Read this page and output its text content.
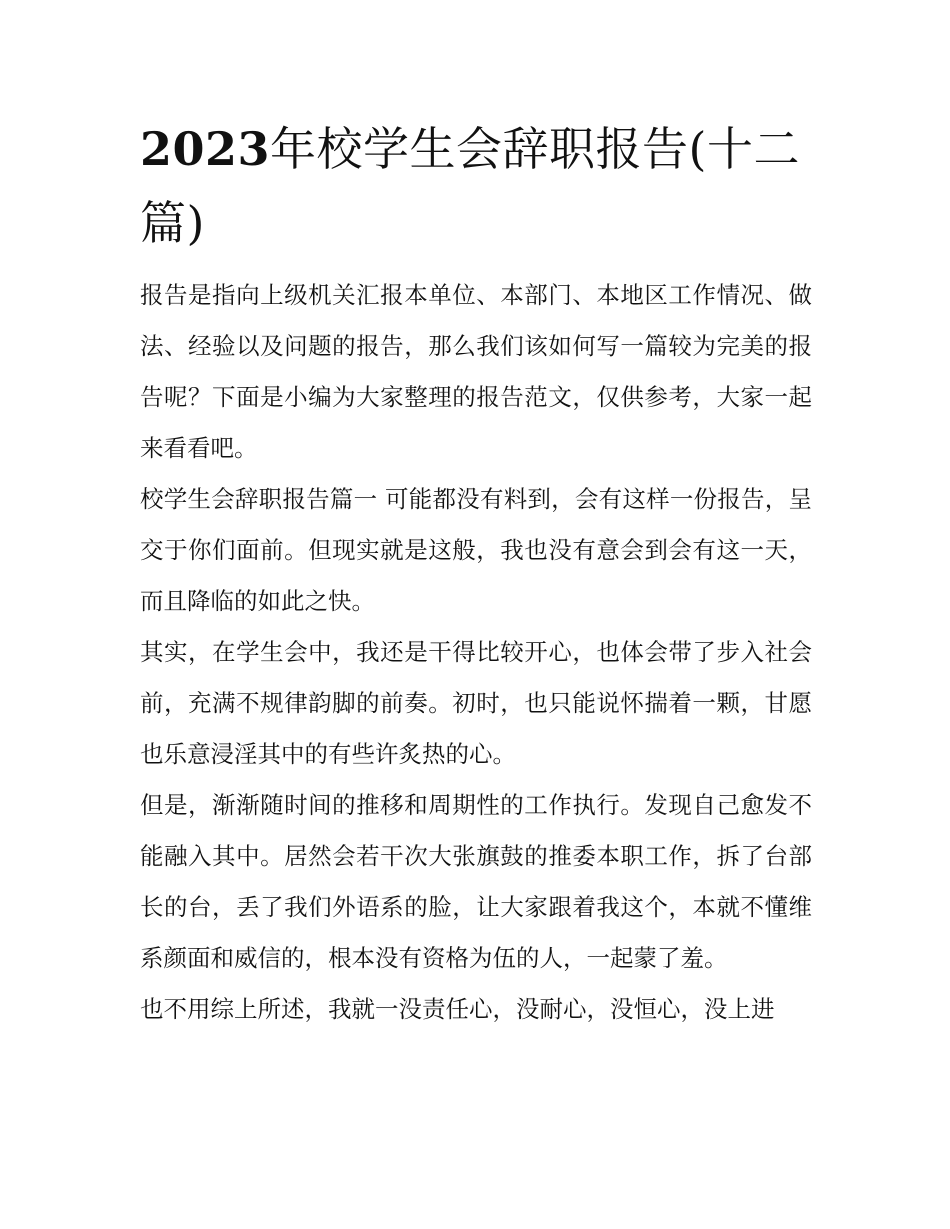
2023年校学生会辞职报告(十二篇)

报告是指向上级机关汇报本单位、本部门、本地区工作情况、做法、经验以及问题的报告，那么我们该如何写一篇较为完美的报告呢？下面是小编为大家整理的报告范文，仅供参考，大家一起来看看吧。

校学生会辞职报告篇一 可能都没有料到，会有这样一份报告，呈交于你们面前。但现实就是这般，我也没有意会到会有这一天，而且降临的如此之快。

其实，在学生会中，我还是干得比较开心，也体会带了步入社会前，充满不规律韵脚的前奏。初时，也只能说怀揣着一颗，甘愿也乐意浸淫其中的有些许炙热的心。

但是，渐渐随时间的推移和周期性的工作执行。发现自己愈发不能融入其中。居然会若干次大张旗鼓的推委本职工作，拆了台部长的台，丢了我们外语系的脸，让大家跟着我这个，本就不懂维系颜面和威信的，根本没有资格为伍的人，一起蒙了羞。

也不用综上所述，我就一没责任心，没耐心，没恒心，没上进
